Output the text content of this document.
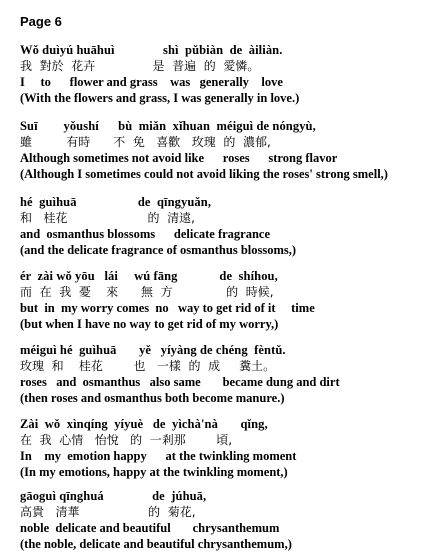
Page 6
Wǒ duìyú huāhuì               shì  pǔbiàn  de  àiliàn.
我  對於  花卉               是  普遍  的  愛憐。
I     to      flower and grass    was   generally    love
(With the flowers and grass, I was generally in love.)
Suī        yǒushí      bù  miǎn  xǐhuan  méiguì de nóngyù,
雖         有時      不  免   喜歡   玫瑰  的  濃郁,
Although sometimes not avoid like      roses      strong flavor
(Although I sometimes could not avoid liking the roses' strong smell,)
hé  guìhuā                   de  qīngyuǎn,
和   桂花                     的  清遠,
and  osmanthus blossoms      delicate fragrance
(and the delicate fragrance of osmanthus blossoms,)
ér  zài wǒ yōu   lái     wú fāng             de  shíhou,
而  在  我  憂    來      無  方              的  時候,
but  in  my worry comes  no   way to get rid of it     time
(but when I have no way to get rid of my worry,)
méiguì hé  guìhuā       yě   yíyàng de chéng  fèntǔ.
玫瑰  和    桂花        也   一樣  的  成     糞土。
roses   and  osmanthus   also same       became dung and dirt
(then roses and osmanthus both become manure.)
Zài  wǒ  xìnqíng  yíyuè   de  yìchà'nà       qǐng,
在  我  心情   怡悅   的  一剎那        頃,
In    my  emotion happy      at the twinkling moment
(In my emotions, happy at the twinkling moment,)
gāoguì qīnghuá               de  júhuā,
高貴   清華                  的  菊花,
noble  delicate and beautiful       chrysanthemum
(the noble, delicate and beautiful chrysanthemum,)
